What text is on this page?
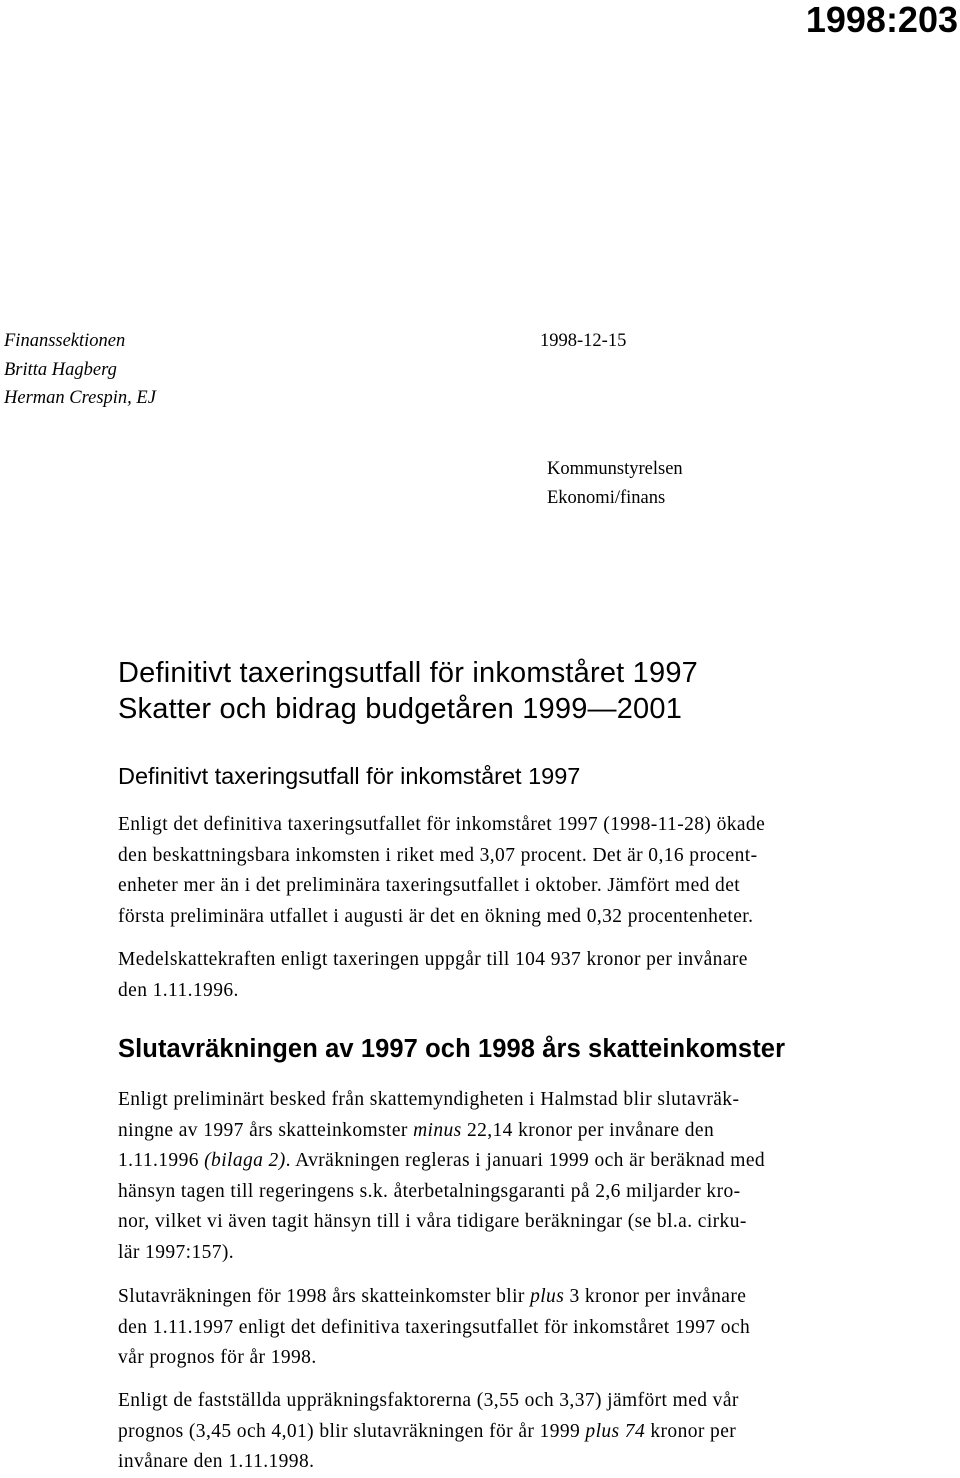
1998:203
Finanssektionen
Britta Hagberg
Herman Crespin, EJ
1998-12-15
Kommunstyrelsen
Ekonomi/finans
Definitivt taxeringsutfall för inkomståret 1997
Skatter och bidrag budgetåren 1999—2001
Definitivt taxeringsutfall för inkomståret 1997
Enligt det definitiva taxeringsutfallet för inkomståret 1997 (1998-11-28) ökade
den beskattningsbara inkomsten i riket med 3,07 procent. Det är 0,16 procent-
enheter mer än i det preliminära taxeringsutfallet i oktober. Jämfört med det
första preliminära utfallet i augusti är det en ökning med 0,32 procentenheter.
Medelskattekraften enligt taxeringen uppgår till 104 937 kronor per invånare
den 1.11.1996.
Slutavräkningen av 1997 och 1998 års skatteinkomster
Enligt preliminärt besked från skattemyndigheten i Halmstad blir slutavräk-
ningne av 1997 års skatteinkomster minus 22,14 kronor per invånare den
1.11.1996 (bilaga 2). Avräkningen regleras i januari 1999 och är beräknad med
hänsyn tagen till regeringens s.k. återbetalningsgaranti på 2,6 miljarder kro-
nor, vilket vi även tagit hänsyn till i våra tidigare beräkningar (se bl.a. cirku-
lär 1997:157).
Slutavräkningen för 1998 års skatteinkomster blir plus 3 kronor per invånare
den 1.11.1997 enligt det definitiva taxeringsutfallet för inkomståret 1997 och
vår prognos för år 1998.
Enligt de fastställda uppräkningsfaktorerna (3,55 och 3,37) jämfört med vår
prognos (3,45 och 4,01) blir slutavräkningen för år 1999 plus 74 kronor per
invånare den 1.11.1998.
